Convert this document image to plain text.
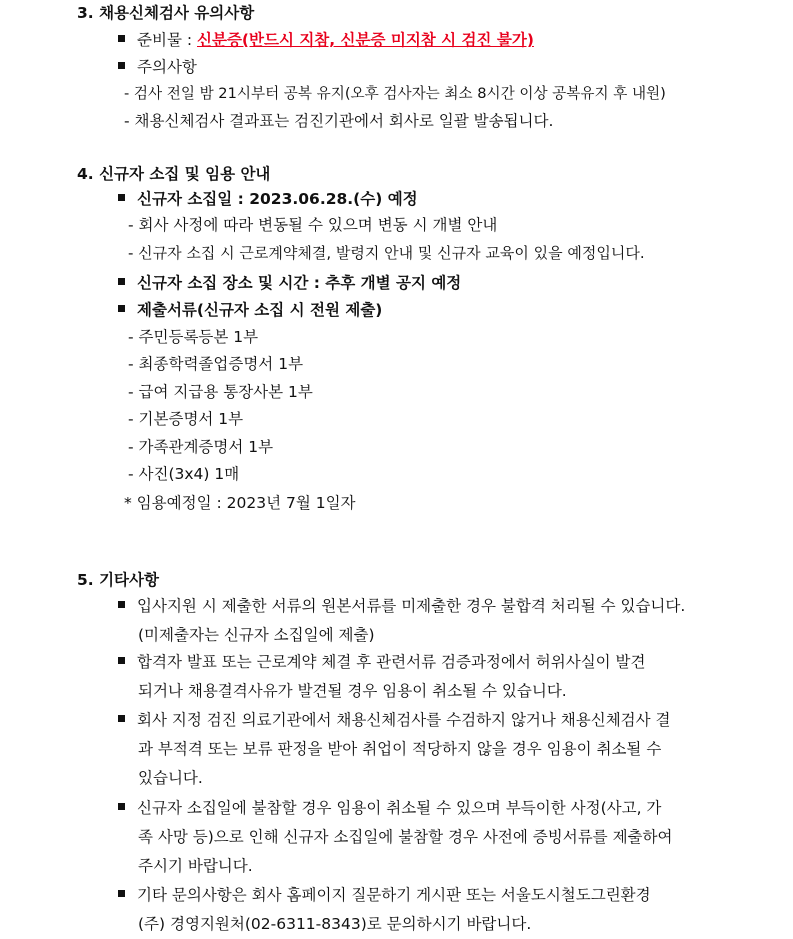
3. 채용신체검사 유의사항
준비물 : 신분증(반드시 지참, 신분증 미지참 시 검진 불가)
주의사항
- 검사 전일 밤 21시부터 공복 유지(오후 검사자는 최소 8시간 이상 공복유지 후 내원)
- 채용신체검사 결과표는 검진기관에서 회사로 일괄 발송됩니다.
4. 신규자 소집 및 임용 안내
신규자 소집일 : 2023.06.28.(수) 예정
- 회사 사정에 따라 변동될 수 있으며 변동 시 개별 안내
- 신규자 소집 시 근로계약체결, 발령지 안내 및 신규자 교육이 있을 예정입니다.
신규자 소집 장소 및 시간 : 추후 개별 공지 예정
제출서류(신규자 소집 시 전원 제출)
- 주민등록등본 1부
- 최종학력졸업증명서 1부
- 급여 지급용 통장사본 1부
- 기본증명서 1부
- 가족관계증명서 1부
- 사진(3x4) 1매
* 임용예정일 : 2023년 7월 1일자
5. 기타사항
입사지원 시 제출한 서류의 원본서류를 미제출한 경우 불합격 처리될 수 있습니다.
(미제출자는 신규자 소집일에 제출)
합격자 발표 또는 근로계약 체결 후 관련서류 검증과정에서 허위사실이 발견
되거나 채용결격사유가 발견될 경우 임용이 취소될 수 있습니다.
회사 지정 검진 의료기관에서 채용신체검사를 수검하지 않거나 채용신체검사 결
과 부적격 또는 보류 판정을 받아 취업이 적당하지 않을 경우 임용이 취소될 수
있습니다.
신규자 소집일에 불참할 경우 임용이 취소될 수 있으며 부득이한 사정(사고, 가
족 사망 등)으로 인해 신규자 소집일에 불참할 경우 사전에 증빙서류를 제출하여
주시기 바랍니다.
기타 문의사항은 회사 홈페이지 질문하기 게시판 또는 서울도시철도그린환경
(주) 경영지원처(02-6311-8343)로 문의하시기 바랍니다.
